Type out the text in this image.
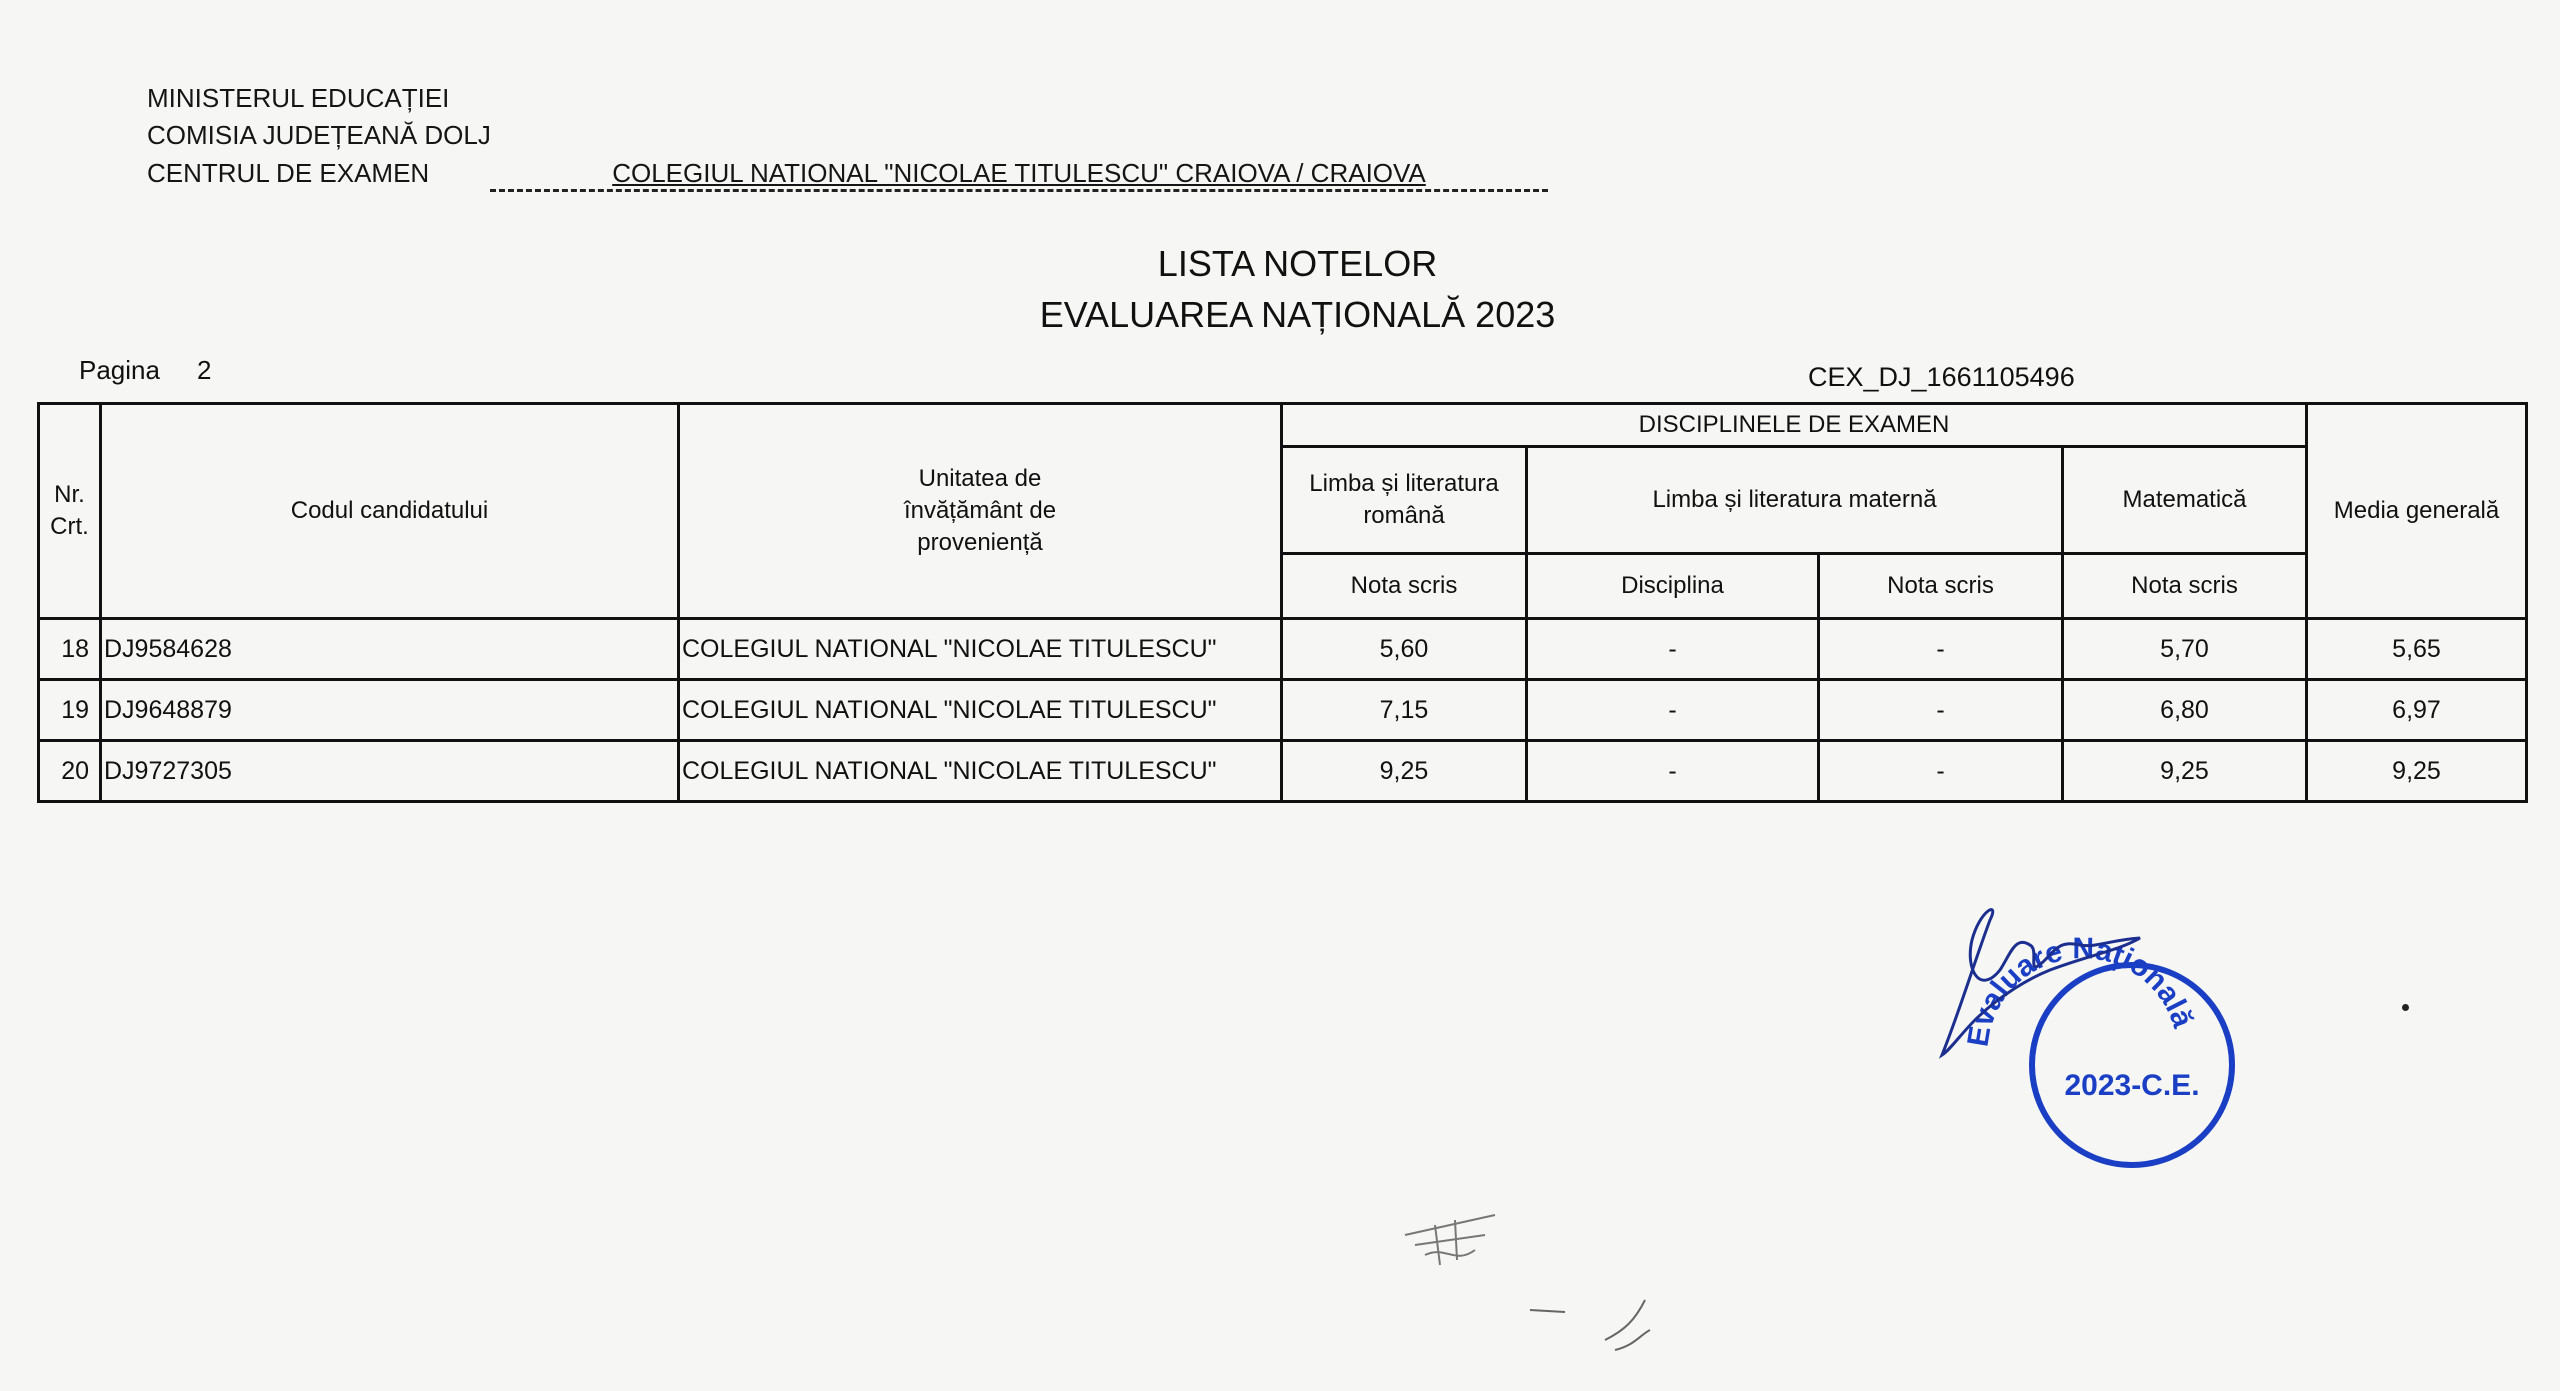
MINISTERUL EDUCAȚIEI
COMISIA JUDEȚEANĂ DOLJ
CENTRUL DE EXAMEN	COLEGIUL NATIONAL "NICOLAE TITULESCU" CRAIOVA / CRAIOVA
LISTA NOTELOR
EVALUAREA NAȚIONALĂ 2023
Pagina 2	CEX_DJ_1661105496
Nr. Crt.	Codul candidatului	Unitatea de învățământ de proveniență	DISCIPLINELE DE EXAMEN				Media generală
			Limba și literatura română	Limba și literatura maternă		Matematică	
			Nota scris	Disciplina	Nota scris	Nota scris	
18	DJ9584628	COLEGIUL NATIONAL "NICOLAE TITULESCU"	5,60	-	-	5,70	5,65
19	DJ9648879	COLEGIUL NATIONAL "NICOLAE TITULESCU"	7,15	-	-	6,80	6,97
20	DJ9727305	COLEGIUL NATIONAL "NICOLAE TITULESCU"	9,25	-	-	9,25	9,25
Evaluare Națională
2023-C.E.
